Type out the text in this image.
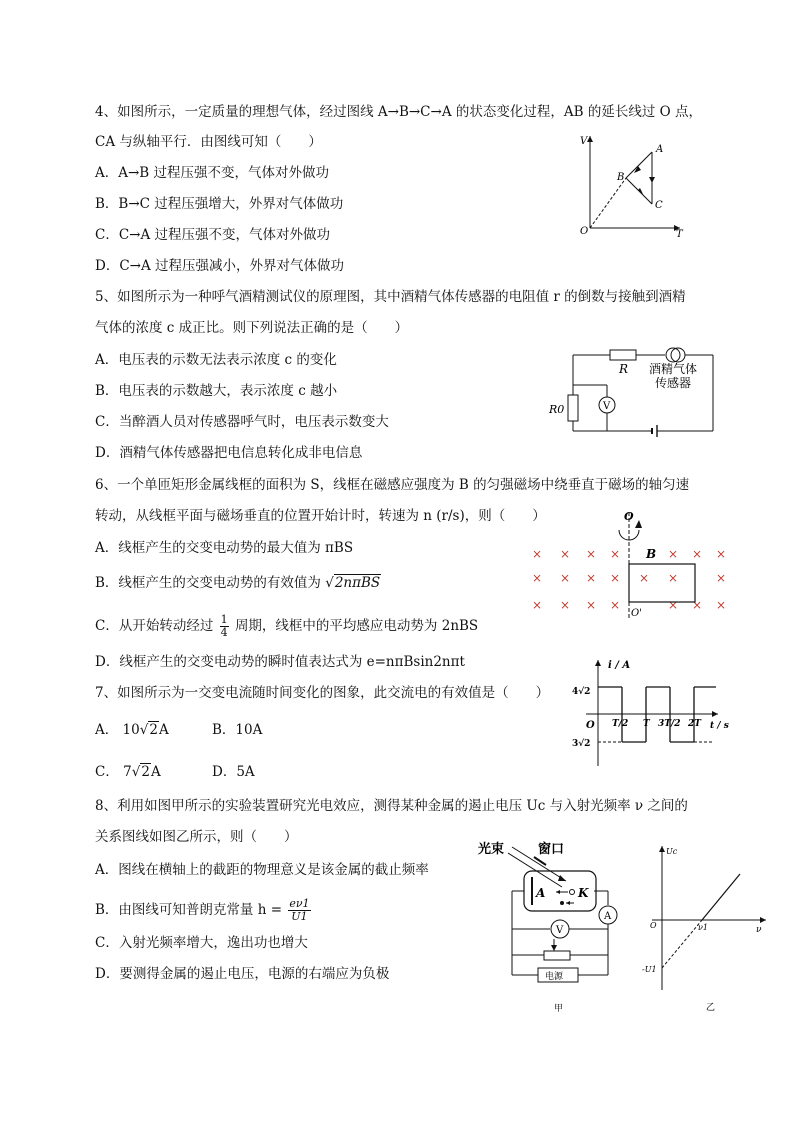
4、如图所示，一定质量的理想气体，经过图线 A→B→C→A 的状态变化过程，AB 的延长线过 O 点，
CA 与纵轴平行．由图线可知（　　）
A．A→B 过程压强不变，气体对外做功
B．B→C 过程压强增大，外界对气体做功
C．C→A 过程压强不变，气体对外做功
D．C→A 过程压强减小，外界对气体做功
V
T
O
A
B
C
5、如图所示为一种呼气酒精测试仪的原理图，其中酒精气体传感器的电阻值 r 的倒数与接触到酒精
气体的浓度 c 成正比。则下列说法正确的是（　　）
A．电压表的示数无法表示浓度 c 的变化
B．电压表的示数越大，表示浓度 c 越小
C．当醉酒人员对传感器呼气时，电压表示数变大
D．酒精气体传感器把电信息转化成非电信息
V
R 酒精气体
传感器
R0
6、一个单匝矩形金属线框的面积为 S，线框在磁感应强度为 B 的匀强磁场中绕垂直于磁场的轴匀速
转动，从线框平面与磁场垂直的位置开始计时，转速为 n (r/s)，则（　　）
A．线框产生的交变电动势的最大值为 πBS
B．线框产生的交变电动势的有效值为 √2nπBS
C．从开始转动经过 $\frac{1}{4}$ 周期，线框中的平均感应电动势为 2nBS
D．线框产生的交变电动势的瞬时值表达式为 e=nπBsin2nπt
× × × ×	× × ×
× × × × × ×	×
× × × ×	× × ×
O
O'
B
7、如图所示为一交变电流随时间变化的图象，此交流电的有效值是（　　）
A． 10√2A	B．10A
C． 7√2A	D．5A
i / A
t / s
O
4√2
3√2
T/2 T 3T/2 2T
8、利用如图甲所示的实验装置研究光电效应，测得某种金属的遏止电压 Uc 与入射光频率 ν 之间的
关系图线如图乙所示，则（　　）
A．图线在横轴上的截距的物理意义是该金属的截止频率
B．由图线可知普朗克常量 $h = \frac{e\nu 1}{U1}$
C．入射光频率增大，逸出功也增大
D．要测得金属的遏止电压，电源的右端应为负极
光束	窗口
A	K
A
V
电源
甲
Uc
O	ν
ν1
-U1
乙
